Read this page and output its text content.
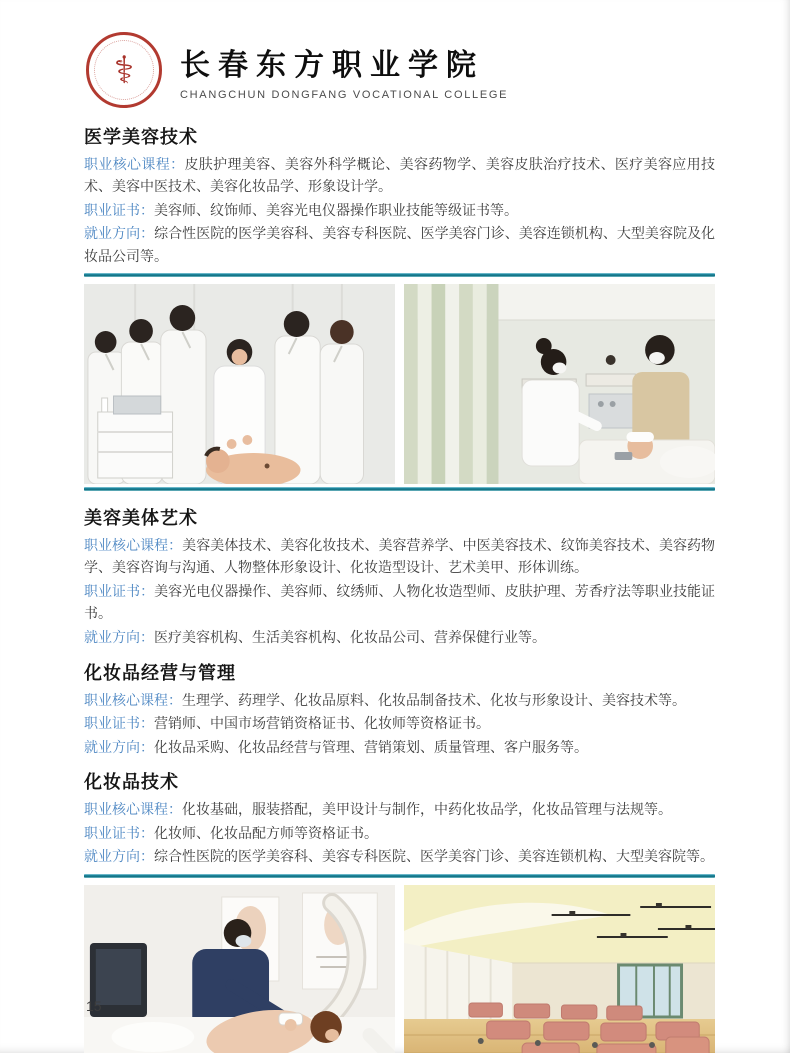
⚕ 长春东方职业学院
CHANGCHUN DONGFANG VOCATIONAL COLLEGE
医学美容技术

职业核心课程：皮肤护理美容、美容外科学概论、美容药物学、美容皮肤治疗技术、医疗美容应用技术、美容中医技术、美容化妆品学、形象设计学。

职业证书：美容师、纹饰师、美容光电仪器操作职业技能等级证书等。

就业方向：综合性医院的医学美容科、美容专科医院、医学美容门诊、美容连锁机构、大型美容院及化妆品公司等。

美容美体艺术

职业核心课程：美容美体技术、美容化妆技术、美容营养学、中医美容技术、纹饰美容技术、美容药物学、美容咨询与沟通、人物整体形象设计、化妆造型设计、艺术美甲、形体训练。

职业证书：美容光电仪器操作、美容师、纹绣师、人物化妆造型师、皮肤护理、芳香疗法等职业技能证书。

就业方向：医疗美容机构、生活美容机构、化妆品公司、营养保健行业等。

化妆品经营与管理

职业核心课程：生理学、药理学、化妆品原料、化妆品制备技术、化妆与形象设计、美容技术等。

职业证书：营销师、中国市场营销资格证书、化妆师等资格证书。

就业方向：化妆品采购、化妆品经营与管理、营销策划、质量管理、客户服务等。

化妆品技术

职业核心课程：化妆基础，服装搭配，美甲设计与制作，中药化妆品学，化妆品管理与法规等。

职业证书：化妆师、化妆品配方师等资格证书。

就业方向：综合性医院的医学美容科、美容专科医院、医学美容门诊、美容连锁机构、大型美容院等。

15
